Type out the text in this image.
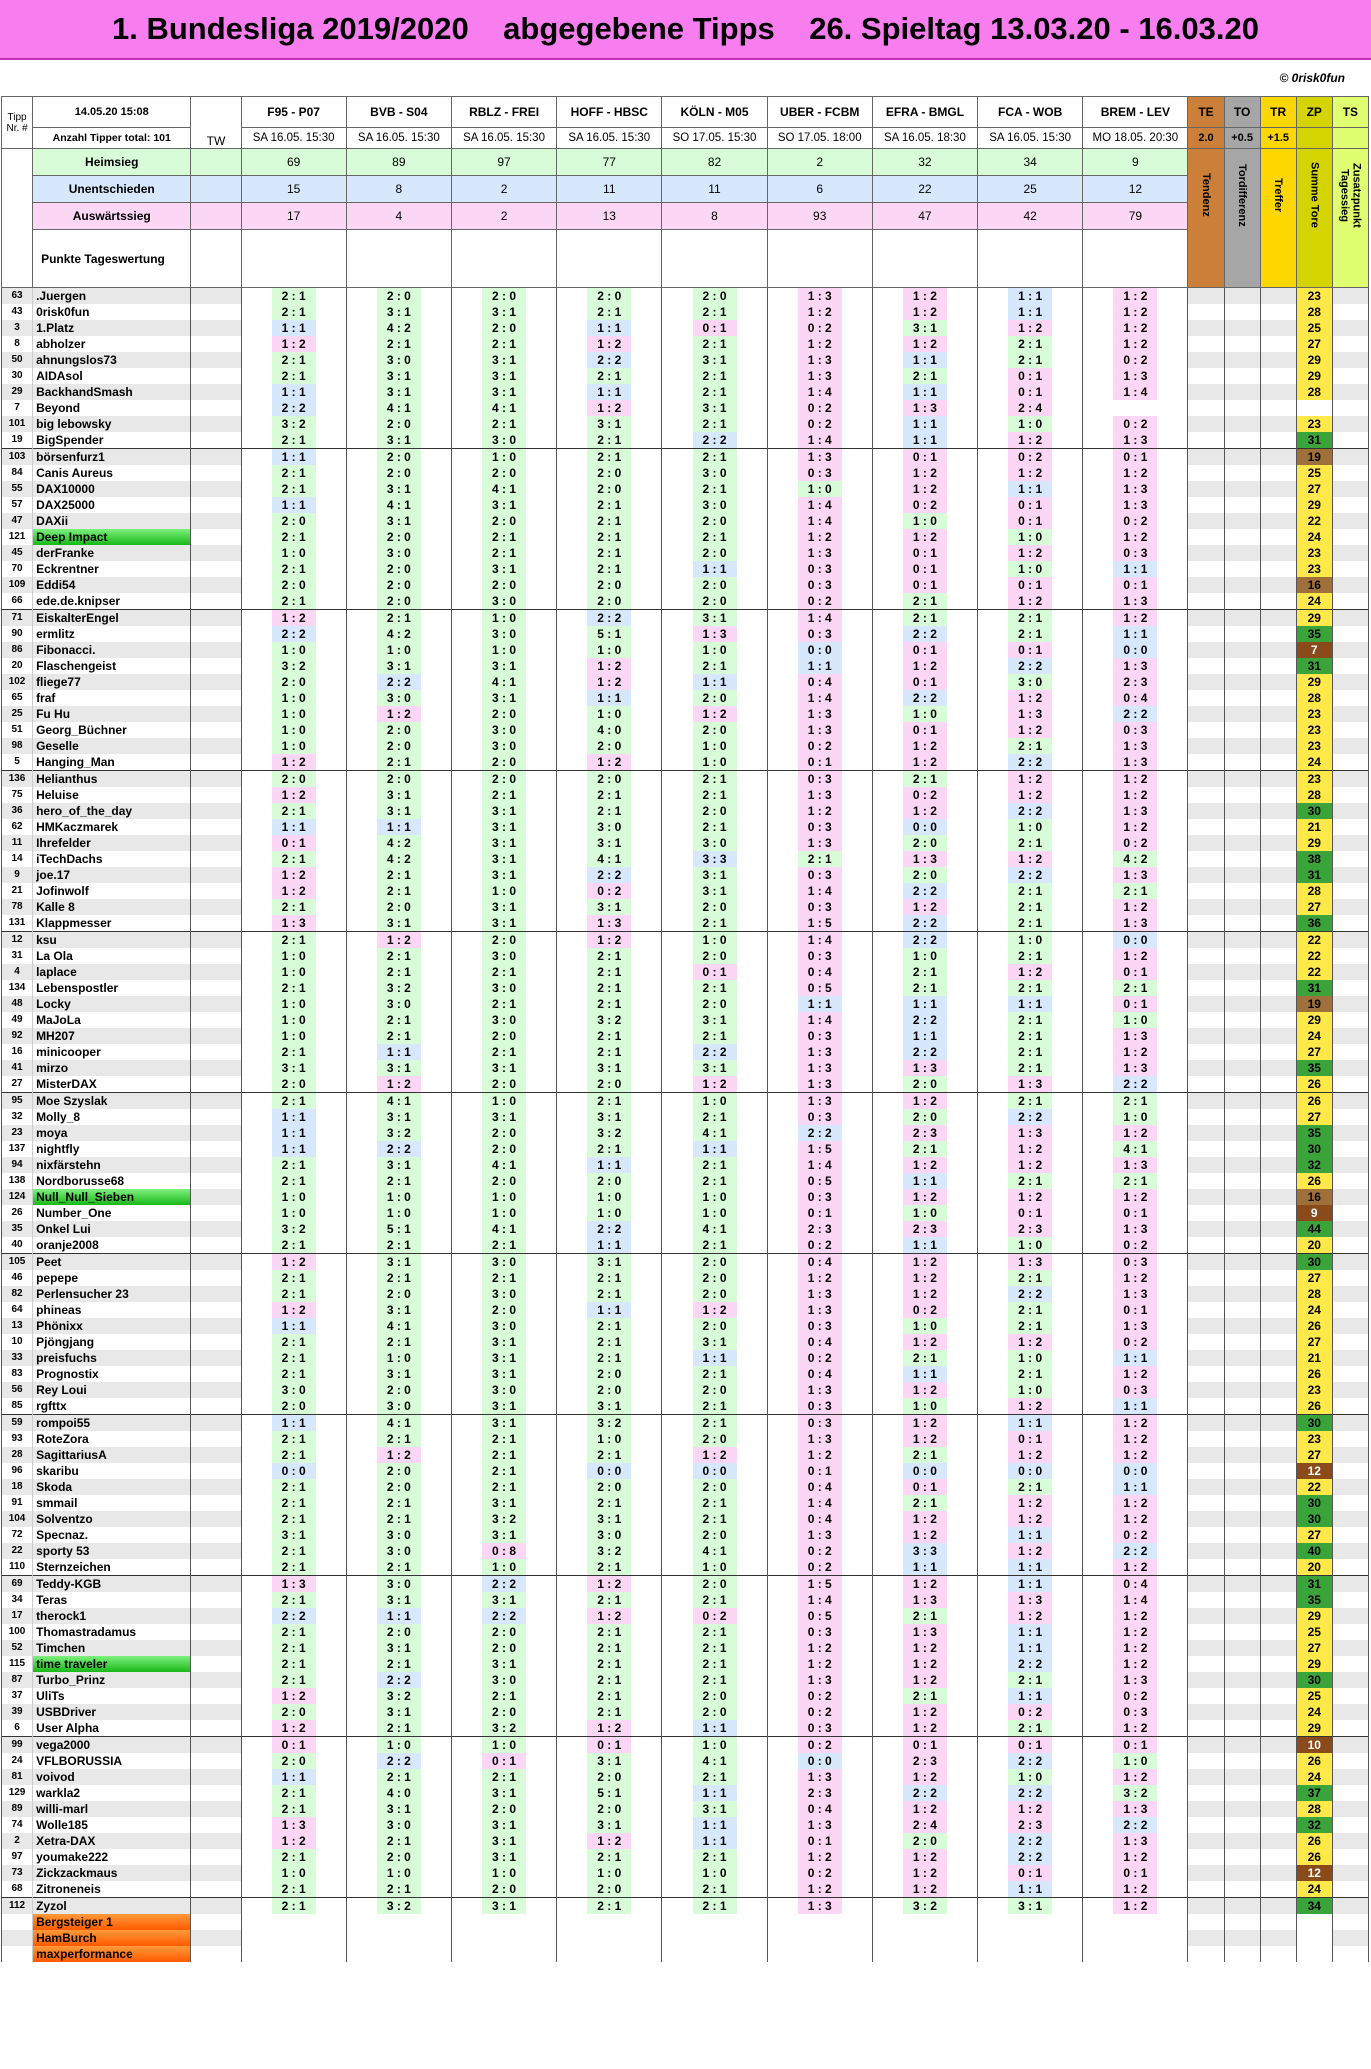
1. Bundesliga 2019/2020    abgegebene Tipps    26. Spieltag 13.03.20 - 16.03.20
© 0risk0fun
Tipp Nr. #	14.05.20 15:08	TW	F95 - P07	BVB - S04	RBLZ - FREI	HOFF - HBSC	KÖLN - M05	UBER - FCBM	EFRA - BMGL	FCA - WOB	BREM - LEV	TE	TO	TR	ZP	TS
	Anzahl Tipper total: 101		SA 16.05. 15:30	SA 16.05. 15:30	SA 16.05. 15:30	SA 16.05. 15:30	SO 17.05. 15:30	SO 17.05. 18:00	SA 16.05. 18:30	SA 16.05. 15:30	MO 18.05. 20:30	2.0	+0.5	+1.5		
	Heimsieg		69	89	97	77	82	2	32	34	9	Tendenz	Tordifferenz	Treffer	Summe Tore	Zusatzpunkt Tagessieg

	Unentschieden		15	8	2	11	11	6	22	25	12					
	Auswärtssieg		17	4	2	13	8	93	47	42	79					
	Punkte Tageswertung															
63	.Juergen		2 : 1	2 : 0	2 : 0	2 : 0	2 : 0	1 : 3	1 : 2	1 : 1	1 : 2				23	
43	0risk0fun		2 : 1	3 : 1	3 : 1	2 : 1	2 : 1	1 : 2	1 : 2	1 : 1	1 : 2				28	
3	1.Platz		1 : 1	4 : 2	2 : 0	1 : 1	0 : 1	0 : 2	3 : 1	1 : 2	1 : 2				25	
8	abholzer		1 : 2	2 : 1	2 : 1	1 : 2	2 : 1	1 : 2	1 : 2	2 : 1	1 : 2				27	
50	ahnungslos73		2 : 1	3 : 0	3 : 1	2 : 2	3 : 1	1 : 3	1 : 1	2 : 1	0 : 2				29	
30	AIDAsol		2 : 1	3 : 1	3 : 1	2 : 1	2 : 1	1 : 3	2 : 1	0 : 1	1 : 3				29	
29	BackhandSmash		1 : 1	3 : 1	3 : 1	1 : 1	2 : 1	1 : 4	1 : 1	0 : 1	1 : 4				28	
7	Beyond		2 : 2	4 : 1	4 : 1	1 : 2	3 : 1	0 : 2	1 : 3	2 : 4						
101	big lebowsky		3 : 2	2 : 0	2 : 1	3 : 1	2 : 1	0 : 2	1 : 1	1 : 0	0 : 2				23	
19	BigSpender		2 : 1	3 : 1	3 : 0	2 : 1	2 : 2	1 : 4	1 : 1	1 : 2	1 : 3				31	
103	börsenfurz1		1 : 1	2 : 0	1 : 0	2 : 1	2 : 1	1 : 3	0 : 1	0 : 2	0 : 1				19	
84	Canis Aureus		2 : 1	2 : 0	2 : 0	2 : 0	3 : 0	0 : 3	1 : 2	1 : 2	1 : 2				25	
55	DAX10000		2 : 1	3 : 1	4 : 1	2 : 0	2 : 1	1 : 0	1 : 2	1 : 1	1 : 3				27	
57	DAX25000		1 : 1	4 : 1	3 : 1	2 : 1	3 : 0	1 : 4	0 : 2	0 : 1	1 : 3				29	
47	DAXii		2 : 0	3 : 1	2 : 0	2 : 1	2 : 0	1 : 4	1 : 0	0 : 1	0 : 2				22	
121	Deep Impact		2 : 1	2 : 0	2 : 1	2 : 1	2 : 1	1 : 2	1 : 2	1 : 0	1 : 2				24	
45	derFranke		1 : 0	3 : 0	2 : 1	2 : 1	2 : 0	1 : 3	0 : 1	1 : 2	0 : 3				23	
70	Eckrentner		2 : 1	2 : 0	3 : 1	2 : 1	1 : 1	0 : 3	0 : 1	1 : 0	1 : 1				23	
109	Eddi54		2 : 0	2 : 0	2 : 0	2 : 0	2 : 0	0 : 3	0 : 1	0 : 1	0 : 1				16	
66	ede.de.knipser		2 : 1	2 : 0	3 : 0	2 : 0	2 : 0	0 : 2	2 : 1	1 : 2	1 : 3				24	
71	EiskalterEngel		1 : 2	2 : 1	1 : 0	2 : 2	3 : 1	1 : 4	2 : 1	2 : 1	1 : 2				29	
90	ermlitz		2 : 2	4 : 2	3 : 0	5 : 1	1 : 3	0 : 3	2 : 2	2 : 1	1 : 1				35	
86	Fibonacci.		1 : 0	1 : 0	1 : 0	1 : 0	1 : 0	0 : 0	0 : 1	0 : 1	0 : 0				7	
20	Flaschengeist		3 : 2	3 : 1	3 : 1	1 : 2	2 : 1	1 : 1	1 : 2	2 : 2	1 : 3				31	
102	fliege77		2 : 0	2 : 2	4 : 1	1 : 2	1 : 1	0 : 4	0 : 1	3 : 0	2 : 3				29	
65	fraf		1 : 0	3 : 0	3 : 1	1 : 1	2 : 0	1 : 4	2 : 2	1 : 2	0 : 4				28	
25	Fu Hu		1 : 0	1 : 2	2 : 0	1 : 0	1 : 2	1 : 3	1 : 0	1 : 3	2 : 2				23	
51	Georg_Büchner		1 : 0	2 : 0	3 : 0	4 : 0	2 : 0	1 : 3	0 : 1	1 : 2	0 : 3				23	
98	Geselle		1 : 0	2 : 0	3 : 0	2 : 0	1 : 0	0 : 2	1 : 2	2 : 1	1 : 3				23	
5	Hanging_Man		1 : 2	2 : 1	2 : 0	1 : 2	1 : 0	0 : 1	1 : 2	2 : 2	1 : 3				24	
136	Helianthus		2 : 0	2 : 0	2 : 0	2 : 0	2 : 1	0 : 3	2 : 1	1 : 2	1 : 2				23	
75	Heluise		1 : 2	3 : 1	2 : 1	2 : 1	2 : 1	1 : 3	0 : 2	1 : 2	1 : 2				28	
36	hero_of_the_day		2 : 1	3 : 1	3 : 1	2 : 1	2 : 0	1 : 2	1 : 2	2 : 2	1 : 3				30	
62	HMKaczmarek		1 : 1	1 : 1	3 : 1	3 : 0	2 : 1	0 : 3	0 : 0	1 : 0	1 : 2				21	
11	Ihrefelder		0 : 1	4 : 2	3 : 1	3 : 1	3 : 0	1 : 3	2 : 0	2 : 1	0 : 2				29	
14	iTechDachs		2 : 1	4 : 2	3 : 1	4 : 1	3 : 3	2 : 1	1 : 3	1 : 2	4 : 2				38	
9	joe.17		1 : 2	2 : 1	3 : 1	2 : 2	3 : 1	0 : 3	2 : 0	2 : 2	1 : 3				31	
21	Jofinwolf		1 : 2	2 : 1	1 : 0	0 : 2	3 : 1	1 : 4	2 : 2	2 : 1	2 : 1				28	
78	Kalle 8		2 : 1	2 : 0	3 : 1	3 : 1	2 : 0	0 : 3	1 : 2	2 : 1	1 : 2				27	
131	Klappmesser		1 : 3	3 : 1	3 : 1	1 : 3	2 : 1	1 : 5	2 : 2	2 : 1	1 : 3				36	
12	ksu		2 : 1	1 : 2	2 : 0	1 : 2	1 : 0	1 : 4	2 : 2	1 : 0	0 : 0				22	
31	La Ola		1 : 0	2 : 1	3 : 0	2 : 1	2 : 0	0 : 3	1 : 0	2 : 1	1 : 2				22	
4	laplace		1 : 0	2 : 1	2 : 1	2 : 1	0 : 1	0 : 4	2 : 1	1 : 2	0 : 1				22	
134	Lebenspostler		2 : 1	3 : 2	3 : 0	2 : 1	2 : 1	0 : 5	2 : 1	2 : 1	2 : 1				31	
48	Locky		1 : 0	3 : 0	2 : 1	2 : 1	2 : 0	1 : 1	1 : 1	1 : 1	0 : 1				19	
49	MaJoLa		1 : 0	2 : 1	3 : 0	3 : 2	3 : 1	1 : 4	2 : 2	2 : 1	1 : 0				29	
92	MH207		1 : 0	2 : 1	2 : 0	2 : 1	2 : 1	0 : 3	1 : 1	2 : 1	1 : 3				24	
16	minicooper		2 : 1	1 : 1	2 : 1	2 : 1	2 : 2	1 : 3	2 : 2	2 : 1	1 : 2				27	
41	mirzo		3 : 1	3 : 1	3 : 1	3 : 1	3 : 1	1 : 3	1 : 3	2 : 1	1 : 3				35	
27	MisterDAX		2 : 0	1 : 2	2 : 0	2 : 0	1 : 2	1 : 3	2 : 0	1 : 3	2 : 2				26	
95	Moe Szyslak		2 : 1	4 : 1	1 : 0	2 : 1	1 : 0	1 : 3	1 : 2	2 : 1	2 : 1				26	
32	Molly_8		1 : 1	3 : 1	3 : 1	3 : 1	2 : 1	0 : 3	2 : 0	2 : 2	1 : 0				27	
23	moya		1 : 1	3 : 2	2 : 0	3 : 2	4 : 1	2 : 2	2 : 3	1 : 3	1 : 2				35	
137	nightfly		1 : 1	2 : 2	2 : 0	2 : 1	1 : 1	1 : 5	2 : 1	1 : 2	4 : 1				30	
94	nixfärstehn		2 : 1	3 : 1	4 : 1	1 : 1	2 : 1	1 : 4	1 : 2	1 : 2	1 : 3				32	
138	Nordborusse68		2 : 1	2 : 1	2 : 0	2 : 0	2 : 1	0 : 5	1 : 1	2 : 1	2 : 1				26	
124	Null_Null_Sieben		1 : 0	1 : 0	1 : 0	1 : 0	1 : 0	0 : 3	1 : 2	1 : 2	1 : 2				16	
26	Number_One		1 : 0	1 : 0	1 : 0	1 : 0	1 : 0	0 : 1	1 : 0	0 : 1	0 : 1				9	
35	Onkel Lui		3 : 2	5 : 1	4 : 1	2 : 2	4 : 1	2 : 3	2 : 3	2 : 3	1 : 3				44	
40	oranje2008		2 : 1	2 : 1	2 : 1	1 : 1	2 : 1	0 : 2	1 : 1	1 : 0	0 : 2				20	
105	Peet		1 : 2	3 : 1	3 : 0	3 : 1	2 : 0	0 : 4	1 : 2	1 : 3	0 : 3				30	
46	pepepe		2 : 1	2 : 1	2 : 1	2 : 1	2 : 0	1 : 2	1 : 2	2 : 1	1 : 2				27	
82	Perlensucher 23		2 : 1	2 : 0	3 : 0	2 : 1	2 : 0	1 : 3	1 : 2	2 : 2	1 : 3				28	
64	phineas		1 : 2	3 : 1	2 : 0	1 : 1	1 : 2	1 : 3	0 : 2	2 : 1	0 : 1				24	
13	Phönixx		1 : 1	4 : 1	3 : 0	2 : 1	2 : 0	0 : 3	1 : 0	2 : 1	1 : 3				26	
10	Pjöngjang		2 : 1	2 : 1	3 : 1	2 : 1	3 : 1	0 : 4	1 : 2	1 : 2	0 : 2				27	
33	preisfuchs		2 : 1	1 : 0	3 : 1	2 : 1	1 : 1	0 : 2	2 : 1	1 : 0	1 : 1				21	
83	Prognostix		2 : 1	3 : 1	3 : 1	2 : 0	2 : 1	0 : 4	1 : 1	2 : 1	1 : 2				26	
56	Rey Loui		3 : 0	2 : 0	3 : 0	2 : 0	2 : 0	1 : 3	1 : 2	1 : 0	0 : 3				23	
85	rgfttx		2 : 0	3 : 0	3 : 1	3 : 1	2 : 1	0 : 3	1 : 0	1 : 2	1 : 1				26	
59	rompoi55		1 : 1	4 : 1	3 : 1	3 : 2	2 : 1	0 : 3	1 : 2	1 : 1	1 : 2				30	
93	RoteZora		2 : 1	2 : 1	2 : 1	1 : 0	2 : 0	1 : 3	1 : 2	0 : 1	1 : 2				23	
28	SagittariusA		2 : 1	1 : 2	2 : 1	2 : 1	1 : 2	1 : 2	2 : 1	1 : 2	1 : 2				27	
96	skaribu		0 : 0	2 : 0	2 : 1	0 : 0	0 : 0	0 : 1	0 : 0	0 : 0	0 : 0				12	
18	Skoda		2 : 1	2 : 0	2 : 1	2 : 0	2 : 0	0 : 4	0 : 1	2 : 1	1 : 1				22	
91	smmail		2 : 1	2 : 1	3 : 1	2 : 1	2 : 1	1 : 4	2 : 1	1 : 2	1 : 2				30	
104	Solventzo		2 : 1	2 : 1	3 : 2	3 : 1	2 : 1	0 : 4	1 : 2	1 : 2	1 : 2				30	
72	Specnaz.		3 : 1	3 : 0	3 : 1	3 : 0	2 : 0	1 : 3	1 : 2	1 : 1	0 : 2				27	
22	sporty 53		2 : 1	3 : 0	0 : 8	3 : 2	4 : 1	0 : 2	3 : 3	1 : 2	2 : 2				40	
110	Sternzeichen		2 : 1	2 : 1	1 : 0	2 : 1	1 : 0	0 : 2	1 : 1	1 : 1	1 : 2				20	
69	Teddy-KGB		1 : 3	3 : 0	2 : 2	1 : 2	2 : 0	1 : 5	1 : 2	1 : 1	0 : 4				31	
34	Teras		2 : 1	3 : 1	3 : 1	2 : 1	2 : 1	1 : 4	1 : 3	1 : 3	1 : 4				35	
17	therock1		2 : 2	1 : 1	2 : 2	1 : 2	0 : 2	0 : 5	2 : 1	1 : 2	1 : 2				29	
100	Thomastradamus		2 : 1	2 : 0	2 : 0	2 : 1	2 : 1	0 : 3	1 : 3	1 : 1	1 : 2				25	
52	Timchen		2 : 1	3 : 1	2 : 0	2 : 1	2 : 1	1 : 2	1 : 2	1 : 1	1 : 2				27	
115	time traveler		2 : 1	2 : 1	3 : 1	2 : 1	2 : 1	1 : 2	1 : 2	2 : 2	1 : 2				29	
87	Turbo_Prinz		2 : 1	2 : 2	3 : 0	2 : 1	2 : 1	1 : 3	1 : 2	2 : 1	1 : 3				30	
37	UliTs		1 : 2	3 : 2	2 : 1	2 : 1	2 : 0	0 : 2	2 : 1	1 : 1	0 : 2				25	
39	USBDriver		2 : 0	3 : 1	2 : 0	2 : 1	2 : 0	0 : 2	1 : 2	0 : 2	0 : 3				24	
6	User Alpha		1 : 2	2 : 1	3 : 2	1 : 2	1 : 1	0 : 3	1 : 2	2 : 1	1 : 2				29	
99	vega2000		0 : 1	1 : 0	1 : 0	0 : 1	1 : 0	0 : 2	0 : 1	0 : 1	0 : 1				10	
24	VFLBORUSSIA		2 : 0	2 : 2	0 : 1	3 : 1	4 : 1	0 : 0	2 : 3	2 : 2	1 : 0				26	
81	voivod		1 : 1	2 : 1	2 : 1	2 : 0	2 : 1	1 : 3	1 : 2	1 : 0	1 : 2				24	
129	warkla2		2 : 1	4 : 0	3 : 1	5 : 1	1 : 1	2 : 3	2 : 2	2 : 2	3 : 2				37	
89	willi-marl		2 : 1	3 : 1	2 : 0	2 : 0	3 : 1	0 : 4	1 : 2	1 : 2	1 : 3				28	
74	Wolle185		1 : 3	3 : 0	3 : 1	3 : 1	1 : 1	1 : 3	2 : 4	2 : 3	2 : 2				32	
2	Xetra-DAX		1 : 2	2 : 1	3 : 1	1 : 2	1 : 1	0 : 1	2 : 0	2 : 2	1 : 3				26	
97	youmake222		2 : 1	2 : 0	3 : 1	2 : 1	2 : 1	1 : 2	1 : 2	2 : 2	1 : 2				26	
73	Zickzackmaus		1 : 0	1 : 0	1 : 0	1 : 0	1 : 0	0 : 2	1 : 2	0 : 1	0 : 1				12	
68	Zitroneneis		2 : 1	2 : 1	2 : 0	2 : 0	2 : 1	1 : 2	1 : 2	1 : 1	1 : 2				24	
112	Zyzol		2 : 1	3 : 2	3 : 1	2 : 1	2 : 1	1 : 3	3 : 2	3 : 1	1 : 2				34	
	Bergsteiger 1															
	HamBurch															
	maxperformance															
